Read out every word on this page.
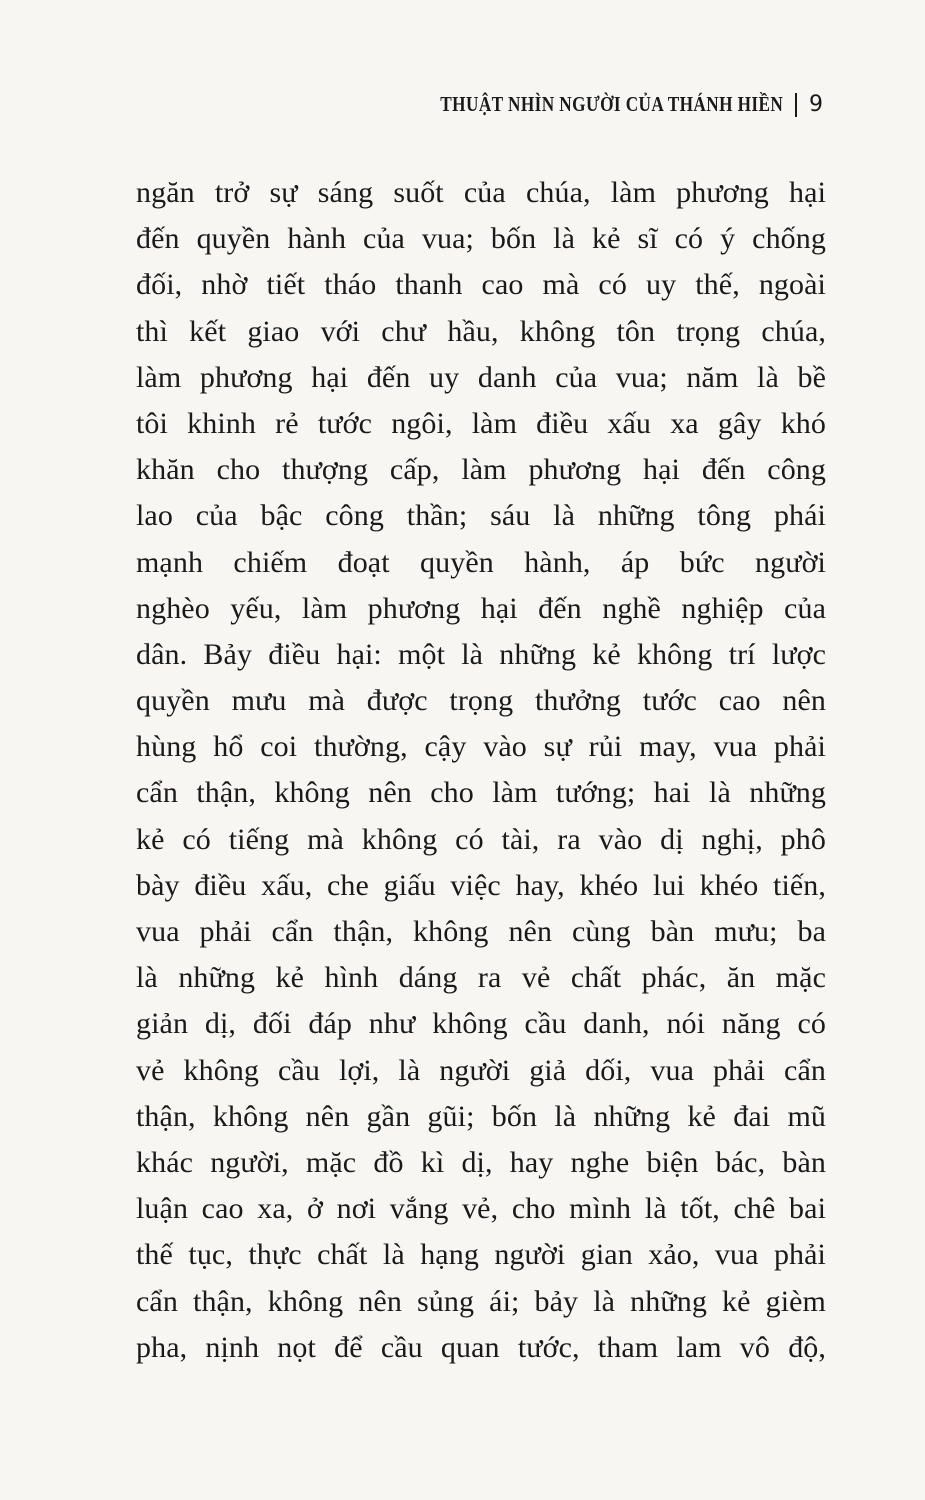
THUẬT NHÌN NGƯỜI CỦA THÁNH HIỀN 9
ngăn trở sự sáng suốt của chúa, làm phương hại
đến quyền hành của vua; bốn là kẻ sĩ có ý chống
đối, nhờ tiết tháo thanh cao mà có uy thế, ngoài
thì kết giao với chư hầu, không tôn trọng chúa,
làm phương hại đến uy danh của vua; năm là bề
tôi khinh rẻ tước ngôi, làm điều xấu xa gây khó
khăn cho thượng cấp, làm phương hại đến công
lao của bậc công thần; sáu là những tông phái
mạnh chiếm đoạt quyền hành, áp bức người
nghèo yếu, làm phương hại đến nghề nghiệp của
dân. Bảy điều hại: một là những kẻ không trí lược
quyền mưu mà được trọng thưởng tước cao nên
hùng hổ coi thường, cậy vào sự rủi may, vua phải
cẩn thận, không nên cho làm tướng; hai là những
kẻ có tiếng mà không có tài, ra vào dị nghị, phô
bày điều xấu, che giấu việc hay, khéo lui khéo tiến,
vua phải cẩn thận, không nên cùng bàn mưu; ba
là những kẻ hình dáng ra vẻ chất phác, ăn mặc
giản dị, đối đáp như không cầu danh, nói năng có
vẻ không cầu lợi, là người giả dối, vua phải cẩn
thận, không nên gần gũi; bốn là những kẻ đai mũ
khác người, mặc đồ kì dị, hay nghe biện bác, bàn
luận cao xa, ở nơi vắng vẻ, cho mình là tốt, chê bai
thế tục, thực chất là hạng người gian xảo, vua phải
cẩn thận, không nên sủng ái; bảy là những kẻ gièm
pha, nịnh nọt để cầu quan tước, tham lam vô độ,
